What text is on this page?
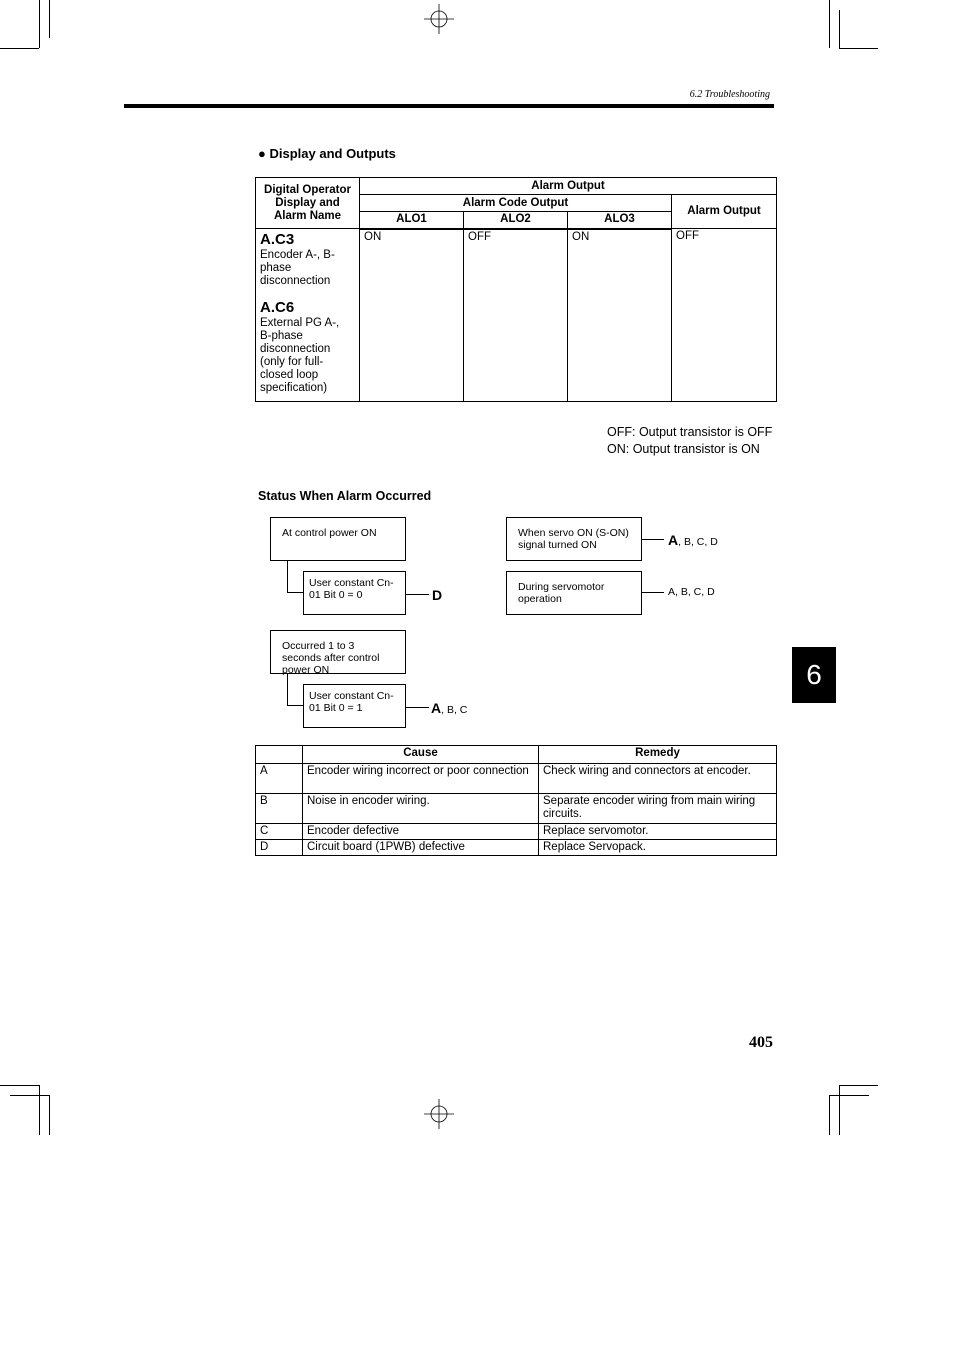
6.2 Troubleshooting
● Display and Outputs
Digital Operator Display and Alarm Name	Alarm Output			
	Alarm Code Output			Alarm Output
	ALO1	ALO2	ALO3	

A.C3
Encoder A-, B-phase disconnection
A.C6
External PG A-, B-phase disconnection (only for full-closed loop specification)	ON	OFF	ON	OFF
OFF: Output transistor is OFF
ON: Output transistor is ON
Status When Alarm Occurred
At control power ON
User constant Cn-01 Bit 0 = 0	D
Occurred 1 to 3 seconds after control power ON
User constant Cn-01 Bit 0 = 1	A, B, C
When servo ON (S-ON) signal turned ON	A, B, C, D
During servomotor operation
A, B, C, D
	Cause	Remedy
A	Encoder wiring incorrect or poor connection	Check wiring and connectors at encoder.
B	Noise in encoder wiring.	Separate encoder wiring from main wiring circuits.
C	Encoder defective	Replace servomotor.
D	Circuit board (1PWB) defective	Replace Servopack.
6
405
